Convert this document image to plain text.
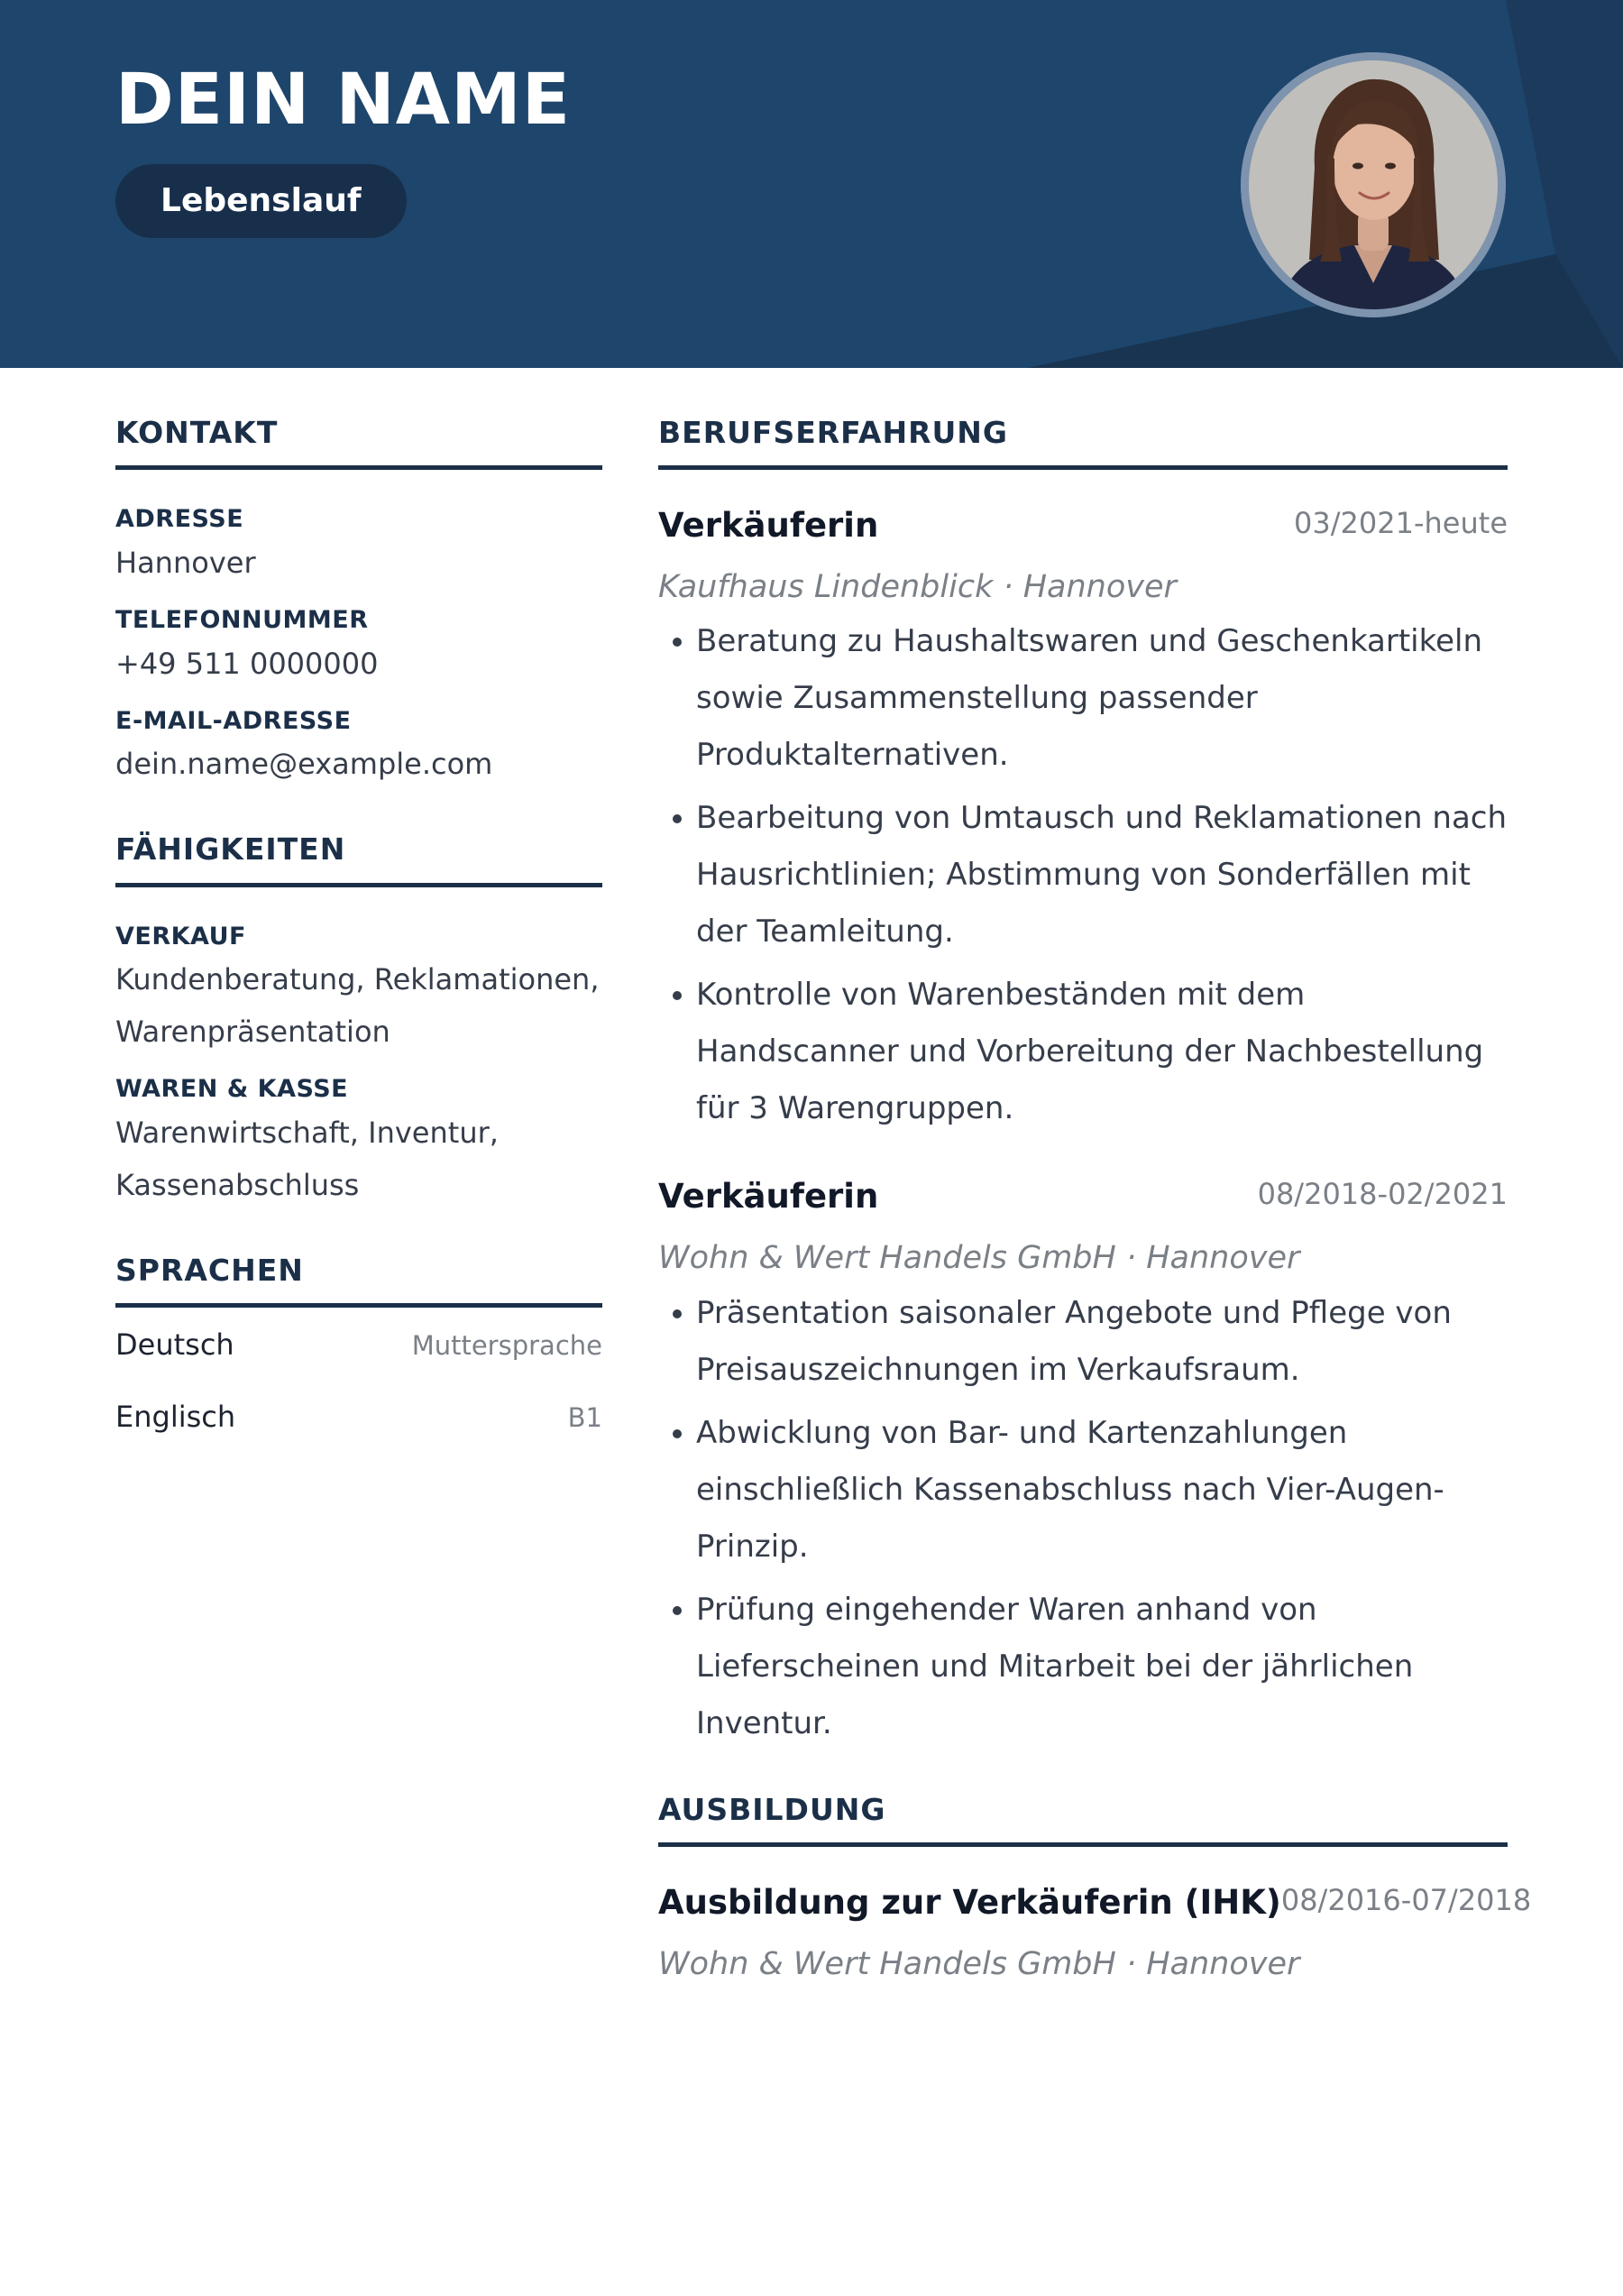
DEIN NAME
Lebenslauf
KONTAKT
ADRESSE
Hannover
TELEFONNUMMER
+49 511 0000000
E-MAIL-ADRESSE
dein.name@example.com
FÄHIGKEITEN
VERKAUF
Kundenberatung, Reklamationen,
Warenpräsentation
WAREN & KASSE
Warenwirtschaft, Inventur,
Kassenabschluss
SPRACHEN
Deutsch	Muttersprache
Englisch	B1
BERUFSERFAHRUNG
Verkäuferin	03/2021-heute
Kaufhaus Lindenblick · Hannover
Beratung zu Haushaltswaren und Geschenkartikeln sowie Zusammenstellung passender Produktalternativen.
Bearbeitung von Umtausch und Reklamationen nach Hausrichtlinien; Abstimmung von Sonderfällen mit der Teamleitung.
Kontrolle von Warenbeständen mit dem Handscanner und Vorbereitung der Nachbestellung für 3 Warengruppen.
Verkäuferin	08/2018-02/2021
Wohn & Wert Handels GmbH · Hannover
Präsentation saisonaler Angebote und Pflege von Preisauszeichnungen im Verkaufsraum.
Abwicklung von Bar- und Kartenzahlungen einschließlich Kassenabschluss nach Vier-Augen-Prinzip.
Prüfung eingehender Waren anhand von Lieferscheinen und Mitarbeit bei der jährlichen Inventur.
AUSBILDUNG
Ausbildung zur Verkäuferin (IHK) 08/2016-07/2018
Wohn & Wert Handels GmbH · Hannover
